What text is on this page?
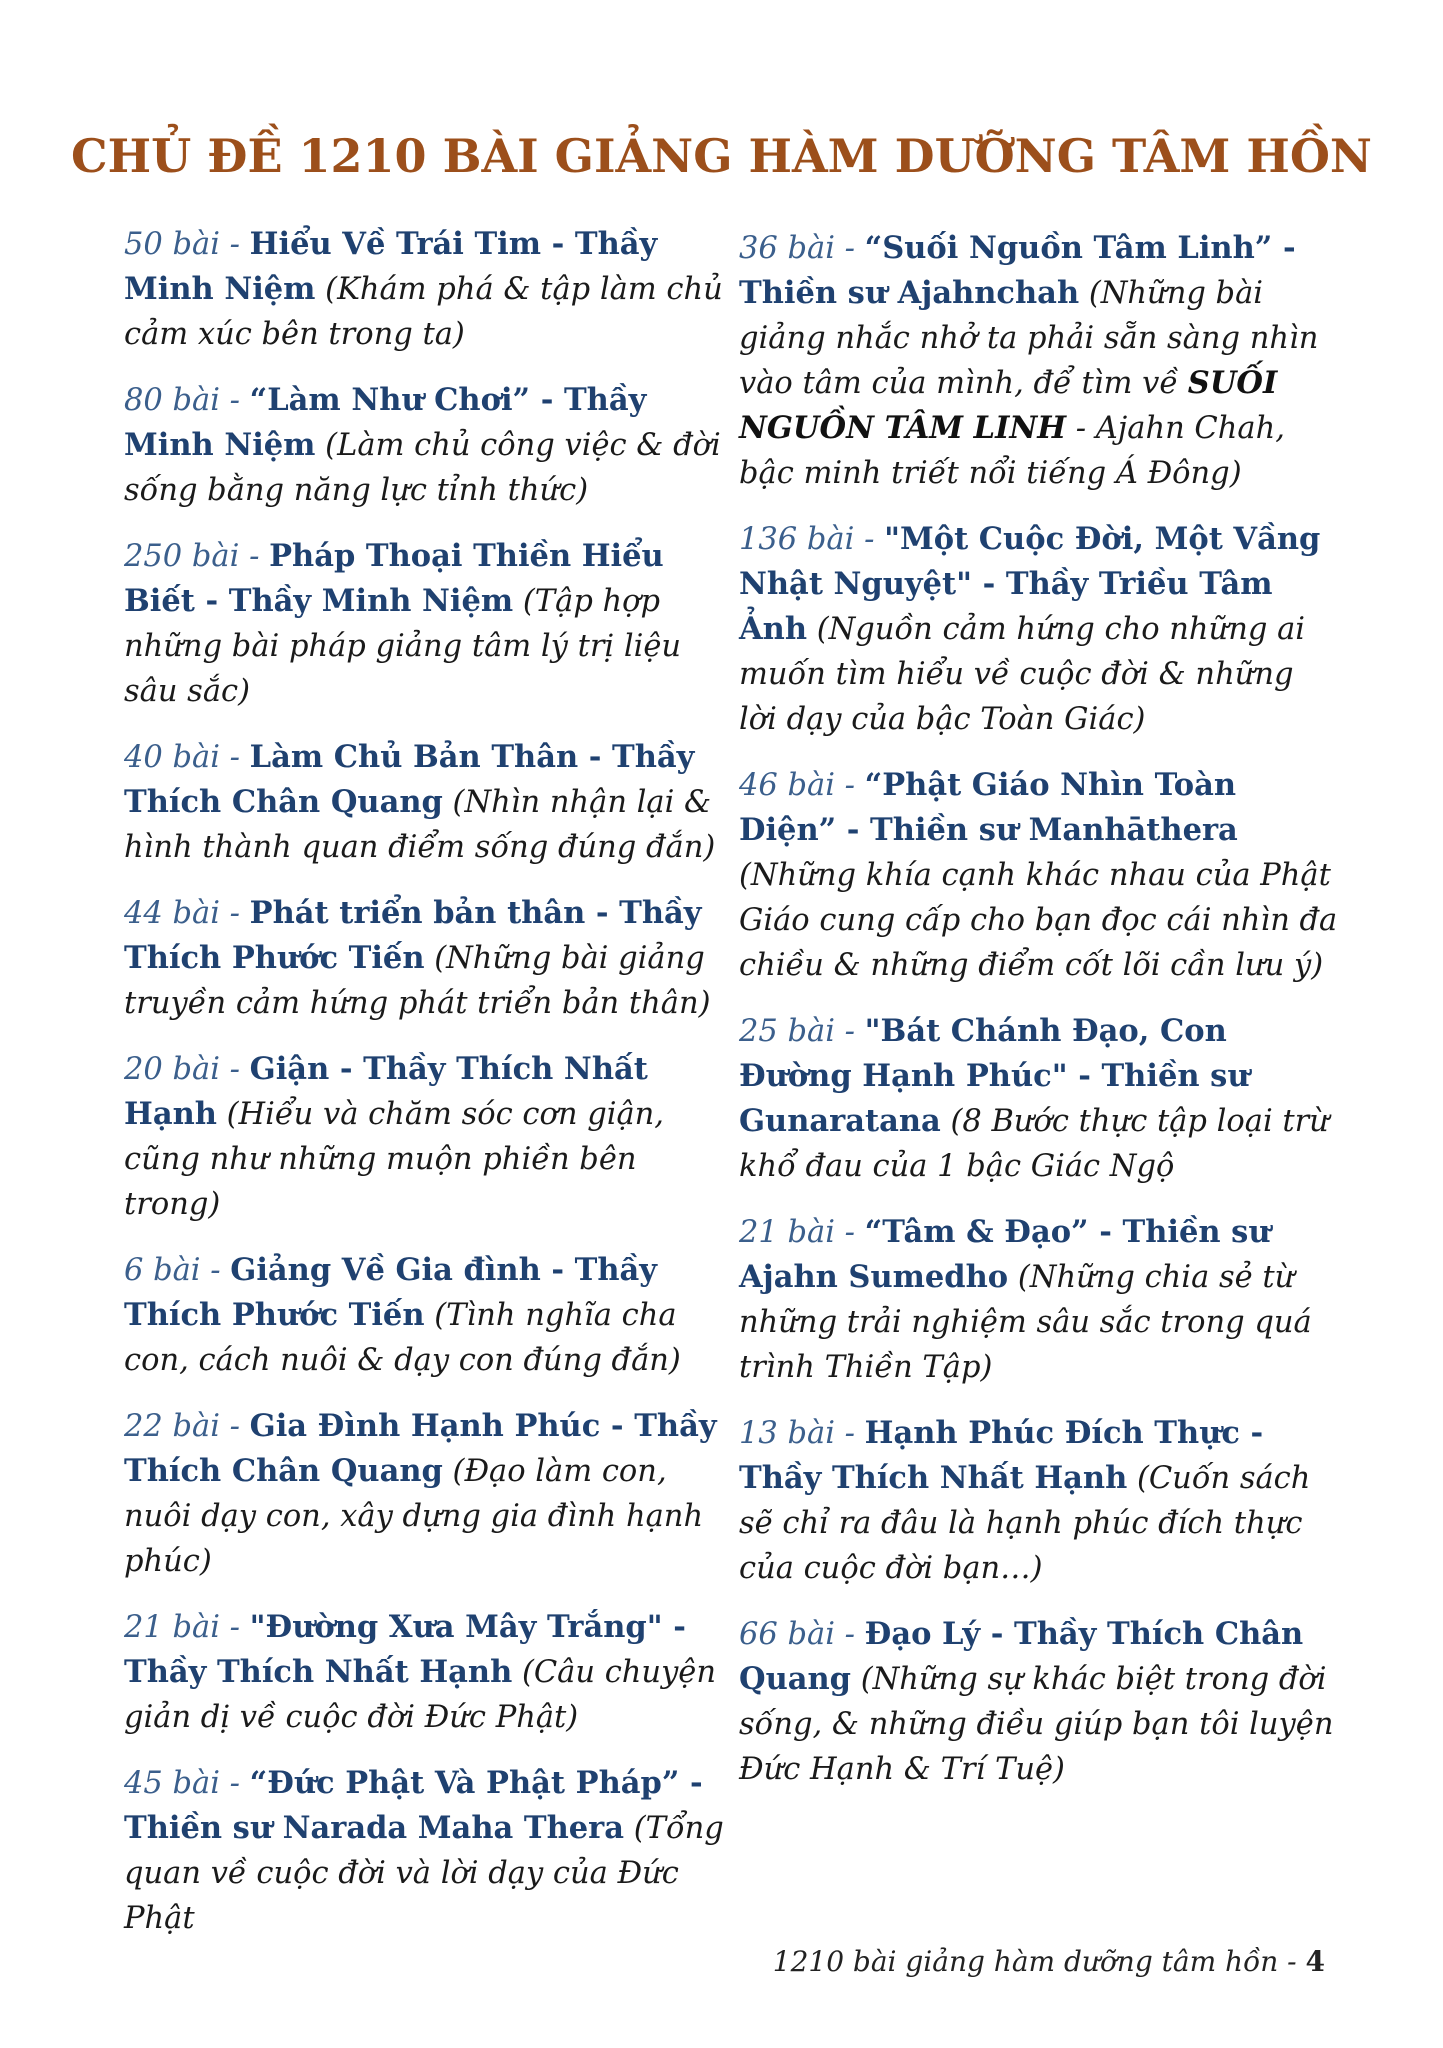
CHỦ ĐỀ 1210 BÀI GIẢNG HÀM DƯỠNG TÂM HỒN

50 bài - Hiểu Về Trái Tim - Thầy Minh Niệm (Khám phá & tập làm chủ cảm xúc bên trong ta)

80 bài - “Làm Như Chơi” - Thầy Minh Niệm (Làm chủ công việc & đời sống bằng năng lực tỉnh thức)

250 bài - Pháp Thoại Thiền Hiểu Biết - Thầy Minh Niệm (Tập hợp những bài pháp giảng tâm lý trị liệu sâu sắc)

40 bài - Làm Chủ Bản Thân - Thầy Thích Chân Quang (Nhìn nhận lại & hình thành quan điểm sống đúng đắn)

44 bài - Phát triển bản thân - Thầy Thích Phước Tiến (Những bài giảng truyền cảm hứng phát triển bản thân)

20 bài - Giận - Thầy Thích Nhất Hạnh (Hiểu và chăm sóc cơn giận, cũng như những muộn phiền bên trong)

6 bài - Giảng Về Gia đình - Thầy Thích Phước Tiến (Tình nghĩa cha con, cách nuôi & dạy con đúng đắn)

22 bài - Gia Đình Hạnh Phúc - Thầy Thích Chân Quang (Đạo làm con, nuôi dạy con, xây dựng gia đình hạnh phúc)

21 bài - "Đường Xưa Mây Trắng" - Thầy Thích Nhất Hạnh (Câu chuyện giản dị về cuộc đời Đức Phật)

45 bài - “Đức Phật Và Phật Pháp” - Thiền sư Narada Maha Thera (Tổng quan về cuộc đời và lời dạy của Đức Phật

36 bài - “Suối Nguồn Tâm Linh” - Thiền sư Ajahnchah (Những bài giảng nhắc nhở ta phải sẵn sàng nhìn vào tâm của mình, để tìm về SUỐI NGUỒN TÂM LINH - Ajahn Chah, bậc minh triết nổi tiếng Á Đông)

136 bài - "Một Cuộc Đời, Một Vầng Nhật Nguyệt" - Thầy Triều Tâm Ảnh (Nguồn cảm hứng cho những ai muốn tìm hiểu về cuộc đời & những lời dạy của bậc Toàn Giác)

46 bài - “Phật Giáo Nhìn Toàn Diện” - Thiền sư Manhāthera (Những khía cạnh khác nhau của Phật Giáo cung cấp cho bạn đọc cái nhìn đa chiều & những điểm cốt lõi cần lưu ý)

25 bài - "Bát Chánh Đạo, Con Đường Hạnh Phúc" - Thiền sư Gunaratana (8 Bước thực tập loại trừ khổ đau của 1 bậc Giác Ngộ

21 bài - “Tâm & Đạo” - Thiền sư Ajahn Sumedho (Những chia sẻ từ những trải nghiệm sâu sắc trong quá trình Thiền Tập)

13 bài - Hạnh Phúc Đích Thực - Thầy Thích Nhất Hạnh (Cuốn sách sẽ chỉ ra đâu là hạnh phúc đích thực của cuộc đời bạn…)

66 bài - Đạo Lý - Thầy Thích Chân Quang (Những sự khác biệt trong đời sống, & những điều giúp bạn tôi luyện Đức Hạnh & Trí Tuệ)

1210 bài giảng hàm dưỡng tâm hồn - 4
